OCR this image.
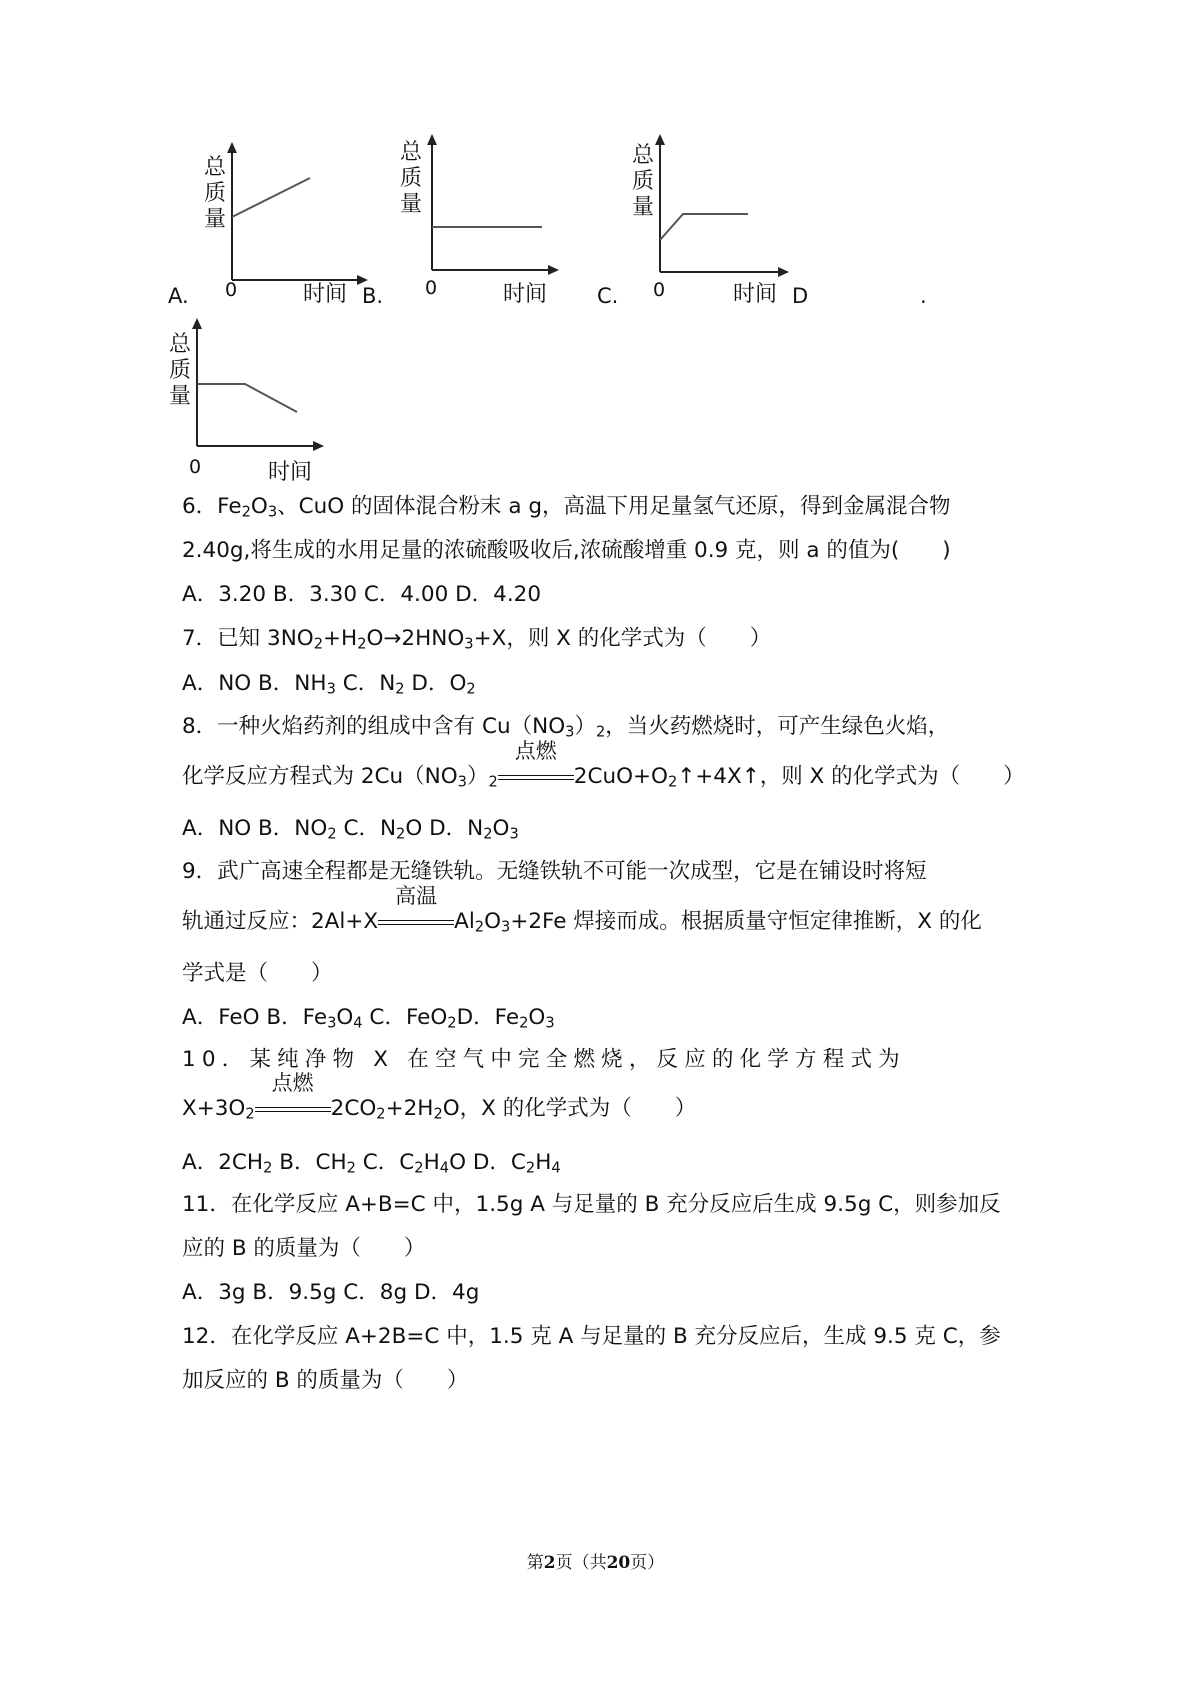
总
质
量
0	时间
A.
总
质
量
0	时间
B.
总
质
量
0	时间
C.	D	.
总
质
量
0	时间
6．$Fe_2O_3$、CuO 的固体混合粉末 a g，高温下用足量氢气还原，得到金属混合物
2.40g,将生成的水用足量的浓硫酸吸收后,浓硫酸增重 0.9 克，则 a 的值为(　　)
A．3.20 B．3.30 C．4.00 D．4.20
7．已知 $3NO_2+H_2O\to 2HNO_3+X$，则 X 的化学式为（　　）
A．NO B．$NH_3$ C．$N_2$ D．$O_2$
8．一种火焰药剂的组成中含有 $Cu(NO_3)_2$，当火药燃烧时，可产生绿色火焰，
化学反应方程式为 $2Cu(NO_3)_2$
点燃
$2CuO+O_2↑+4X↑$，则 X 的化学式为（　　）
A．NO B．$NO_2$ C．$N_2O$ D．$N_2O_3$
9．武广高速全程都是无缝铁轨。无缝铁轨不可能一次成型，它是在铺设时将短
轨通过反应：2Al+X
高温
$Al_2O_3+2Fe$ 焊接而成。根据质量守恒定律推断，X 的化
学式是（　　）
A．FeO B．$Fe_3O_4$ C．FeO$_2$D．$Fe_2O_3$
10．某纯净物 X 在空气中完全燃烧，反应的化学方程式为
$X+3O_2$
点燃
$2CO_2+2H_2O$，X 的化学式为（　　）
A．$2CH_2$ B．$CH_2$ C．$C_2H_4O$ D．$C_2H_4$
11．在化学反应 A+B=C 中，1.5g A 与足量的 B 充分反应后生成 9.5g C，则参加反
应的 B 的质量为（　　）
A．3g B．9.5g C．8g D．4g
12．在化学反应 A+2B=C 中，1.5 克 A 与足量的 B 充分反应后，生成 9.5 克 C，参
加反应的 B 的质量为（　　）
第2页（共20页）
